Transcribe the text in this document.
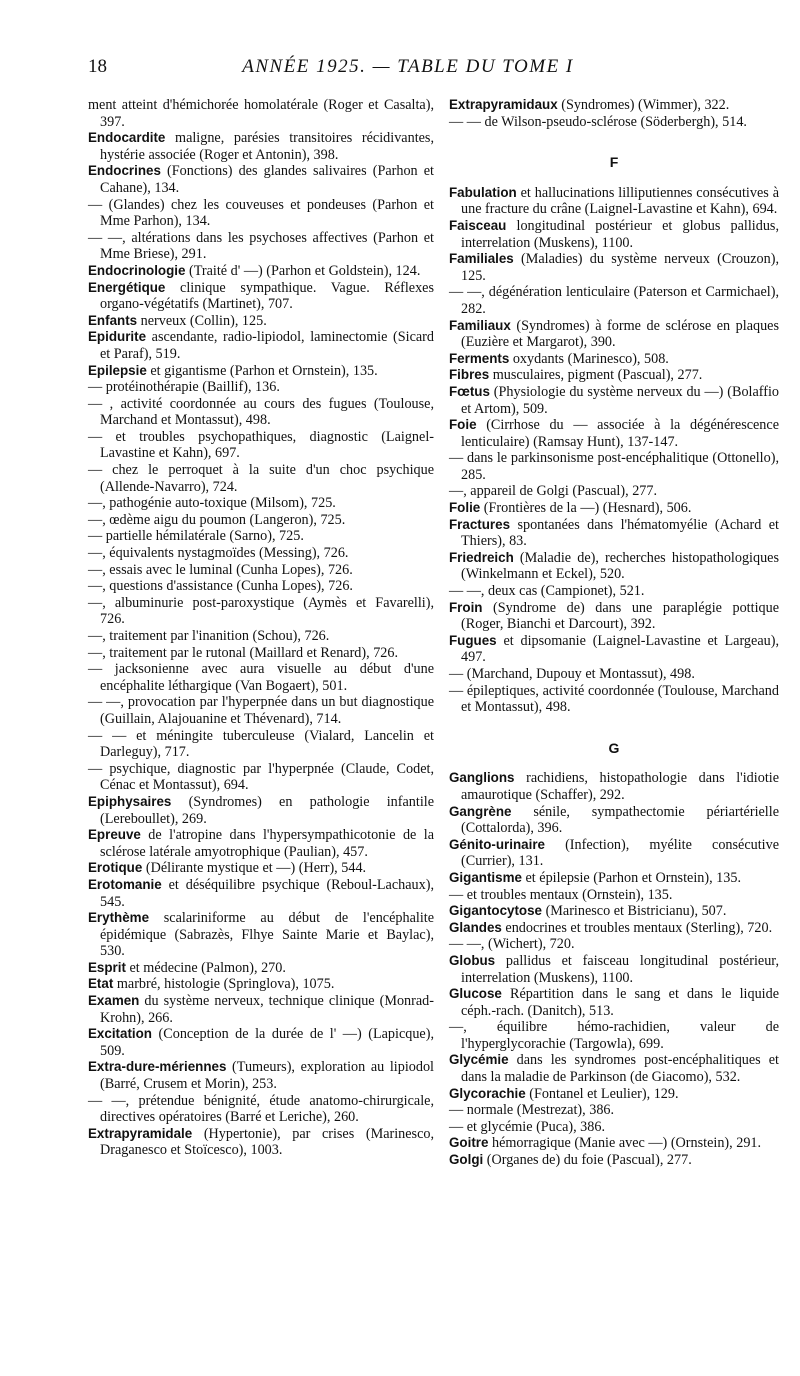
18	ANNÉE 1925. — TABLE DU TOME I

ment atteint d'hémichorée homolatérale (Roger et Casalta), 397.

Endocardite maligne, parésies transitoires récidivantes, hystérie associée (Roger et Antonin), 398.

Endocrines (Fonctions) des glandes salivaires (Parhon et Cahane), 134.

— (Glandes) chez les couveuses et pondeuses (Parhon et Mme Parhon), 134.

— —, altérations dans les psychoses affectives (Parhon et Mme Briese), 291.

Endocrinologie (Traité d' —) (Parhon et Goldstein), 124.

Energétique clinique sympathique. Vague. Réflexes organo-végétatifs (Martinet), 707.

Enfants nerveux (Collin), 125.

Epidurite ascendante, radio-lipiodol, laminectomie (Sicard et Paraf), 519.

Epilepsie et gigantisme (Parhon et Ornstein), 135.

— protéinothérapie (Baillif), 136.

— , activité coordonnée au cours des fugues (Toulouse, Marchand et Montassut), 498.

— et troubles psychopathiques, diagnostic (Laignel-Lavastine et Kahn), 697.

— chez le perroquet à la suite d'un choc psychique (Allende-Navarro), 724.

—, pathogénie auto-toxique (Milsom), 725.

—, œdème aigu du poumon (Langeron), 725.

— partielle hémilatérale (Sarno), 725.

—, équivalents nystagmoïdes (Messing), 726.

—, essais avec le luminal (Cunha Lopes), 726.

—, questions d'assistance (Cunha Lopes), 726.

—, albuminurie post-paroxystique (Aymès et Favarelli), 726.

—, traitement par l'inanition (Schou), 726.

—, traitement par le rutonal (Maillard et Renard), 726.

— jacksonienne avec aura visuelle au début d'une encéphalite léthargique (Van Bogaert), 501.

— —, provocation par l'hyperpnée dans un but diagnostique (Guillain, Alajouanine et Thévenard), 714.

— — et méningite tuberculeuse (Vialard, Lancelin et Darleguy), 717.

— psychique, diagnostic par l'hyperpnée (Claude, Codet, Cénac et Montassut), 694.

Epiphysaires (Syndromes) en pathologie infantile (Lereboullet), 269.

Epreuve de l'atropine dans l'hypersympathicotonie de la sclérose latérale amyotrophique (Paulian), 457.

Erotique (Délirante mystique et —) (Herr), 544.

Erotomanie et déséquilibre psychique (Reboul-Lachaux), 545.

Erythème scalariniforme au début de l'encéphalite épidémique (Sabrazès, Flhye Sainte Marie et Baylac), 530.

Esprit et médecine (Palmon), 270.

Etat marbré, histologie (Springlova), 1075.

Examen du système nerveux, technique clinique (Monrad-Krohn), 266.

Excitation (Conception de la durée de l' —) (Lapicque), 509.

Extra-dure-mériennes (Tumeurs), exploration au lipiodol (Barré, Crusem et Morin), 253.

— —, prétendue bénignité, étude anatomo-chirurgicale, directives opératoires (Barré et Leriche), 260.

Extrapyramidale (Hypertonie), par crises (Marinesco, Draganesco et Stoïcesco), 1003.

Extrapyramidaux (Syndromes) (Wimmer), 322.

— — de Wilson-pseudo-sclérose (Söderbergh), 514.

F

Fabulation et hallucinations lilliputiennes consécutives à une fracture du crâne (Laignel-Lavastine et Kahn), 694.

Faisceau longitudinal postérieur et globus pallidus, interrelation (Muskens), 1100.

Familiales (Maladies) du système nerveux (Crouzon), 125.

— —, dégénération lenticulaire (Paterson et Carmichael), 282.

Familiaux (Syndromes) à forme de sclérose en plaques (Euzière et Margarot), 390.

Ferments oxydants (Marinesco), 508.

Fibres musculaires, pigment (Pascual), 277.

Fœtus (Physiologie du système nerveux du —) (Bolaffio et Artom), 509.

Foie (Cirrhose du — associée à la dégénérescence lenticulaire) (Ramsay Hunt), 137-147.

— dans le parkinsonisme post-encéphalitique (Ottonello), 285.

—, appareil de Golgi (Pascual), 277.

Folie (Frontières de la —) (Hesnard), 506.

Fractures spontanées dans l'hématomyélie (Achard et Thiers), 83.

Friedreich (Maladie de), recherches histopathologiques (Winkelmann et Eckel), 520.

— —, deux cas (Campionet), 521.

Froin (Syndrome de) dans une paraplégie pottique (Roger, Bianchi et Darcourt), 392.

Fugues et dipsomanie (Laignel-Lavastine et Largeau), 497.

— (Marchand, Dupouy et Montassut), 498.

— épileptiques, activité coordonnée (Toulouse, Marchand et Montassut), 498.

G

Ganglions rachidiens, histopathologie dans l'idiotie amaurotique (Schaffer), 292.

Gangrène sénile, sympathectomie périartérielle (Cottalorda), 396.

Génito-urinaire (Infection), myélite consécutive (Currier), 131.

Gigantisme et épilepsie (Parhon et Ornstein), 135.

— et troubles mentaux (Ornstein), 135.

Gigantocytose (Marinesco et Bistricianu), 507.

Glandes endocrines et troubles mentaux (Sterling), 720.

— —, (Wichert), 720.

Globus pallidus et faisceau longitudinal postérieur, interrelation (Muskens), 1100.

Glucose Répartition dans le sang et dans le liquide céph.-rach. (Danitch), 513.

—, équilibre hémo-rachidien, valeur de l'hyperglycorachie (Targowla), 699.

Glycémie dans les syndromes post-encéphalitiques et dans la maladie de Parkinson (de Giacomo), 532.

Glycorachie (Fontanel et Leulier), 129.

— normale (Mestrezat), 386.

— et glycémie (Puca), 386.

Goitre hémorragique (Manie avec —) (Ornstein), 291.

Golgi (Organes de) du foie (Pascual), 277.
